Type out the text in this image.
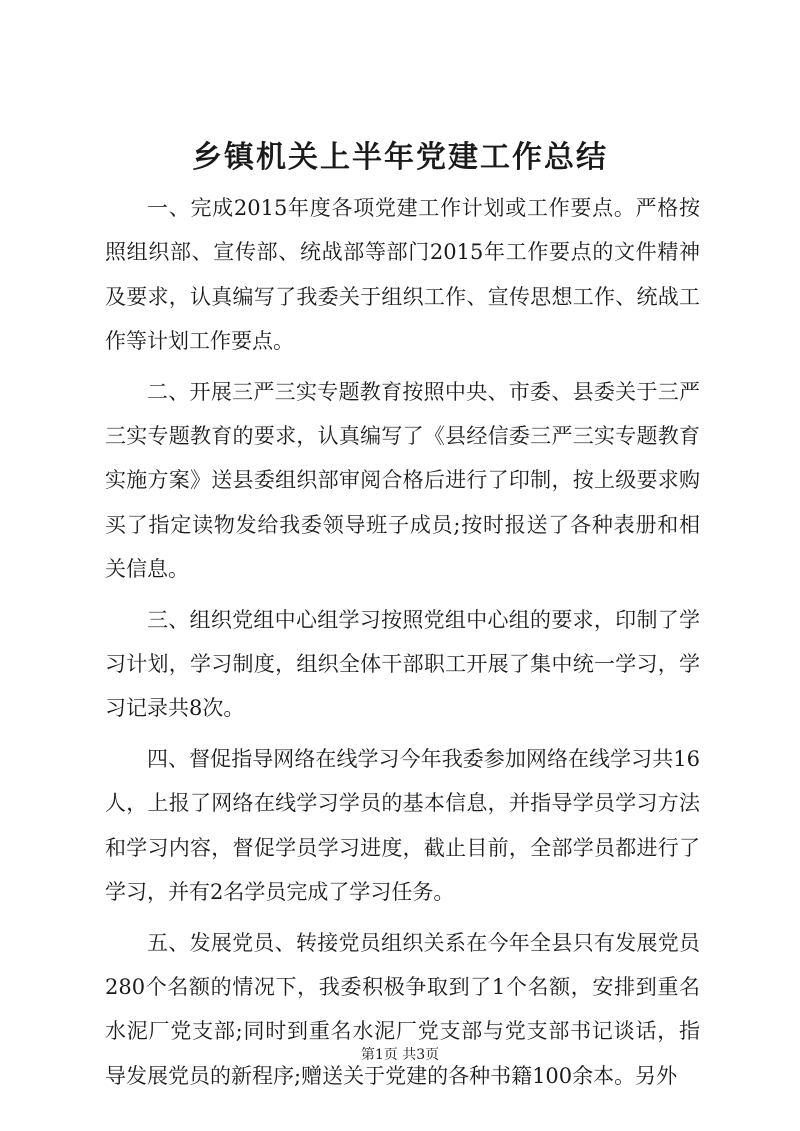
乡镇机关上半年党建工作总结

一、完成2015年度各项党建工作计划或工作要点。严格按照组织部、宣传部、统战部等部门2015年工作要点的文件精神及要求，认真编写了我委关于组织工作、宣传思想工作、统战工作等计划工作要点。

二、开展三严三实专题教育按照中央、市委、县委关于三严三实专题教育的要求，认真编写了《县经信委三严三实专题教育实施方案》送县委组织部审阅合格后进行了印制，按上级要求购买了指定读物发给我委领导班子成员;按时报送了各种表册和相关信息。

三、组织党组中心组学习按照党组中心组的要求，印制了学习计划，学习制度，组织全体干部职工开展了集中统一学习，学习记录共8次。

四、督促指导网络在线学习今年我委参加网络在线学习共16人，上报了网络在线学习学员的基本信息，并指导学员学习方法和学习内容，督促学员学习进度，截止目前，全部学员都进行了学习，并有2名学员完成了学习任务。

五、发展党员、转接党员组织关系在今年全县只有发展党员280个名额的情况下，我委积极争取到了1个名额，安排到重名水泥厂党支部;同时到重名水泥厂党支部与党支部书记谈话，指导发展党员的新程序;赠送关于党建的各种书籍100余本。另外

第1页 共3页
